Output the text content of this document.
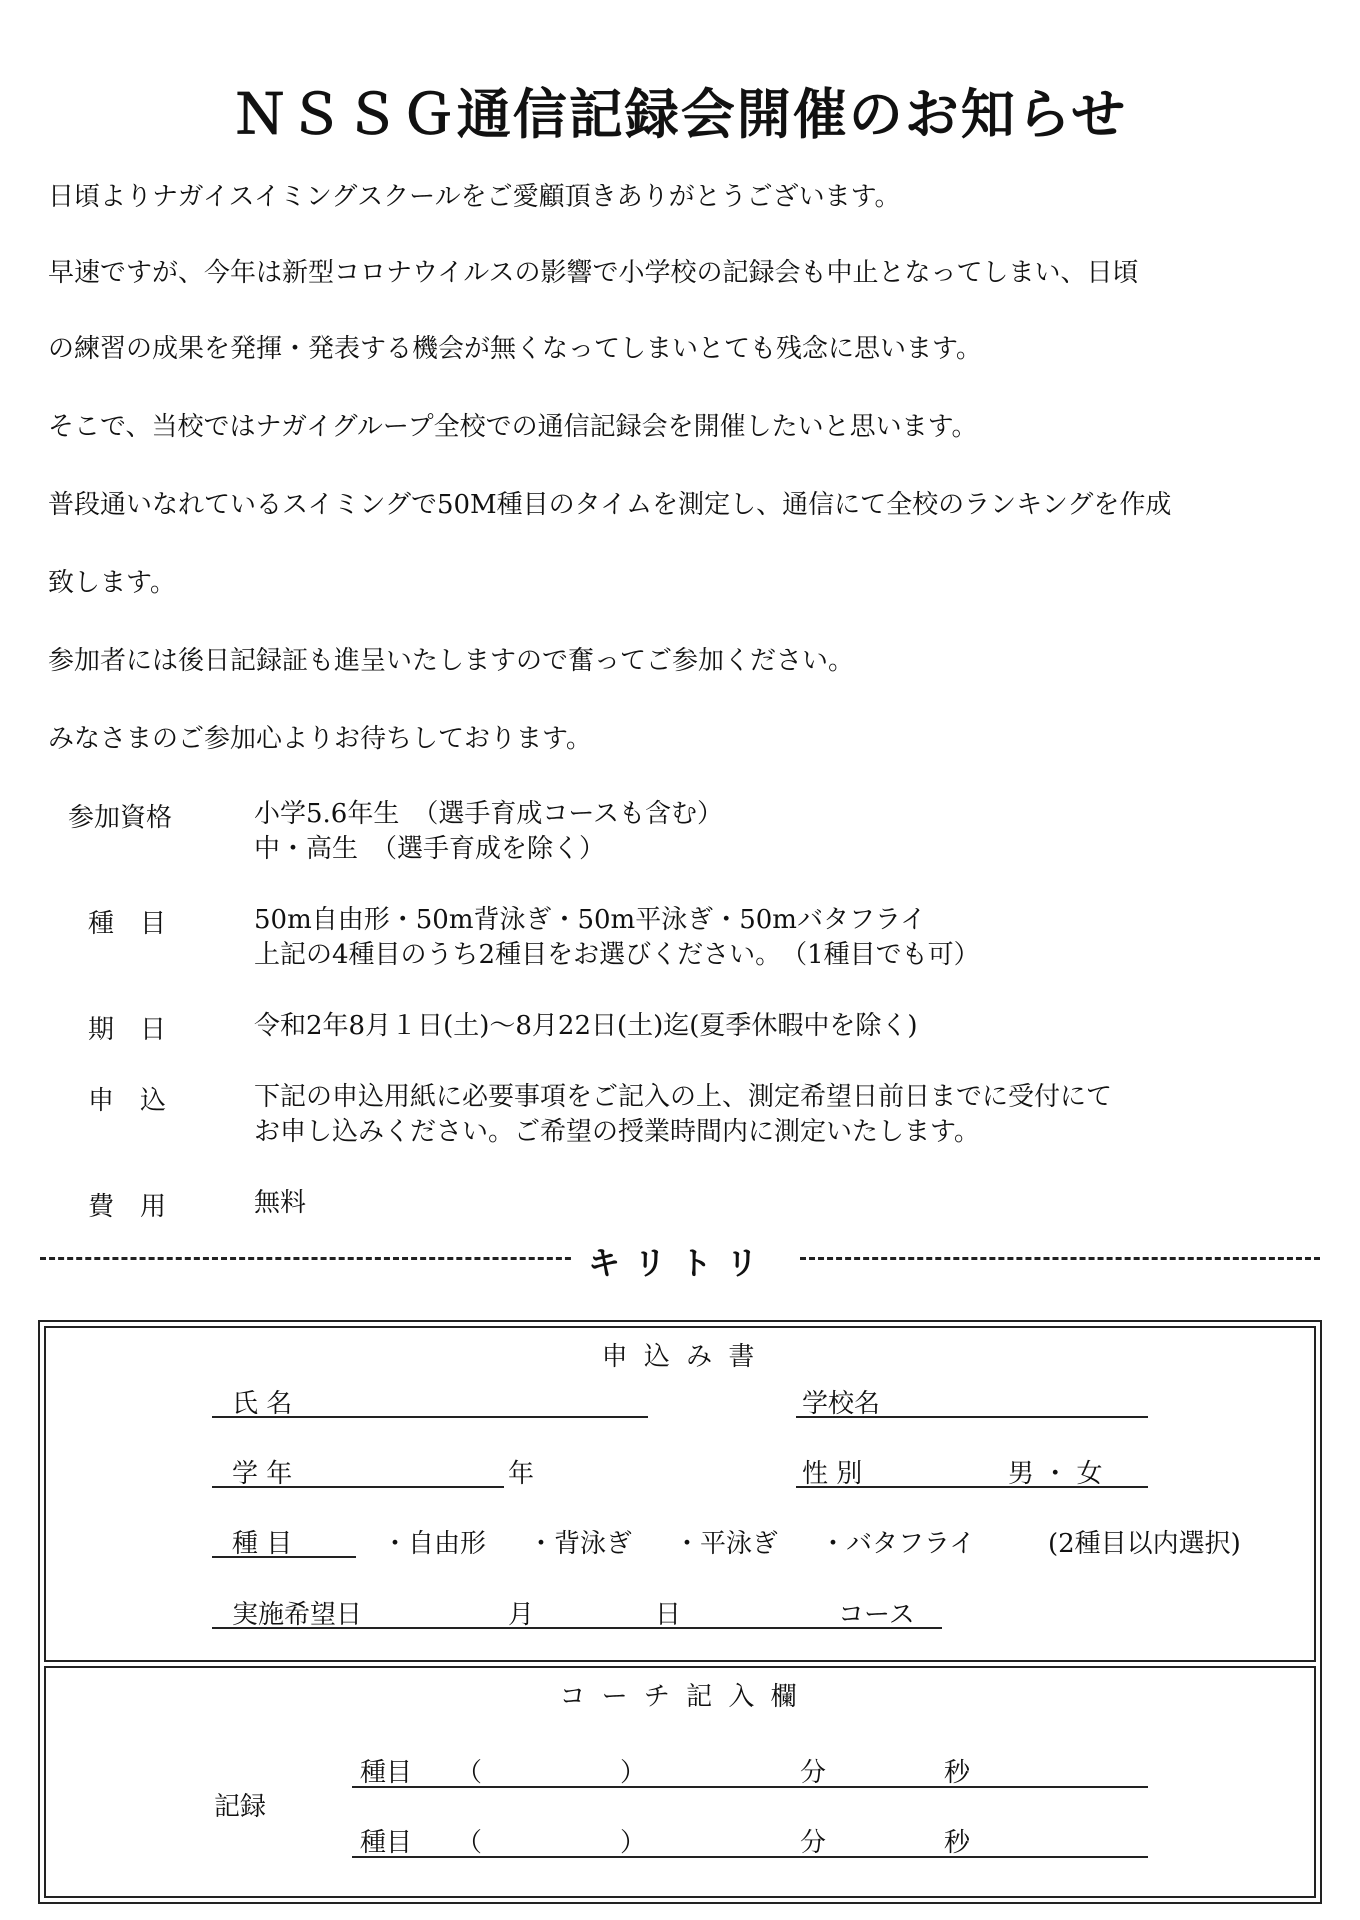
ＮＳＳＧ通信記録会開催のお知らせ
日頃よりナガイスイミングスクールをご愛顧頂きありがとうございます。
早速ですが、今年は新型コロナウイルスの影響で小学校の記録会も中止となってしまい、日頃
の練習の成果を発揮・発表する機会が無くなってしまいとても残念に思います。
そこで、当校ではナガイグループ全校での通信記録会を開催したいと思います。
普段通いなれているスイミングで50M種目のタイムを測定し、通信にて全校のランキングを作成
致します。
参加者には後日記録証も進呈いたしますので奮ってご参加ください。
みなさまのご参加心よりお待ちしております。
参加資格	小学5.6年生　（選手育成コースも含む）
中・高生　（選手育成を除く）
種　目	50m自由形・50m背泳ぎ・50m平泳ぎ・50mバタフライ
上記の4種目のうち2種目をお選びください。　（1種目でも可）
期　日	令和2年8月１日(土)～8月22日(土)迄(夏季休暇中を除く)
申　込	下記の申込用紙に必要事項をご記入の上、測定希望日前日までに受付にて
お申し込みください。ご希望の授業時間内に測定いたします。
費　用	無料
キリトリ
申 込 み 書
氏 名	学校名
学 年	年	性 別	男 ・ 女
種 目	・自由形 ・背泳ぎ ・平泳ぎ ・バタフライ	(2種目以内選択)
実施希望日	月	日	コース
コ ー チ 記 入 欄
記録
種目 （	）	分	秒
種目 （	）	分	秒
